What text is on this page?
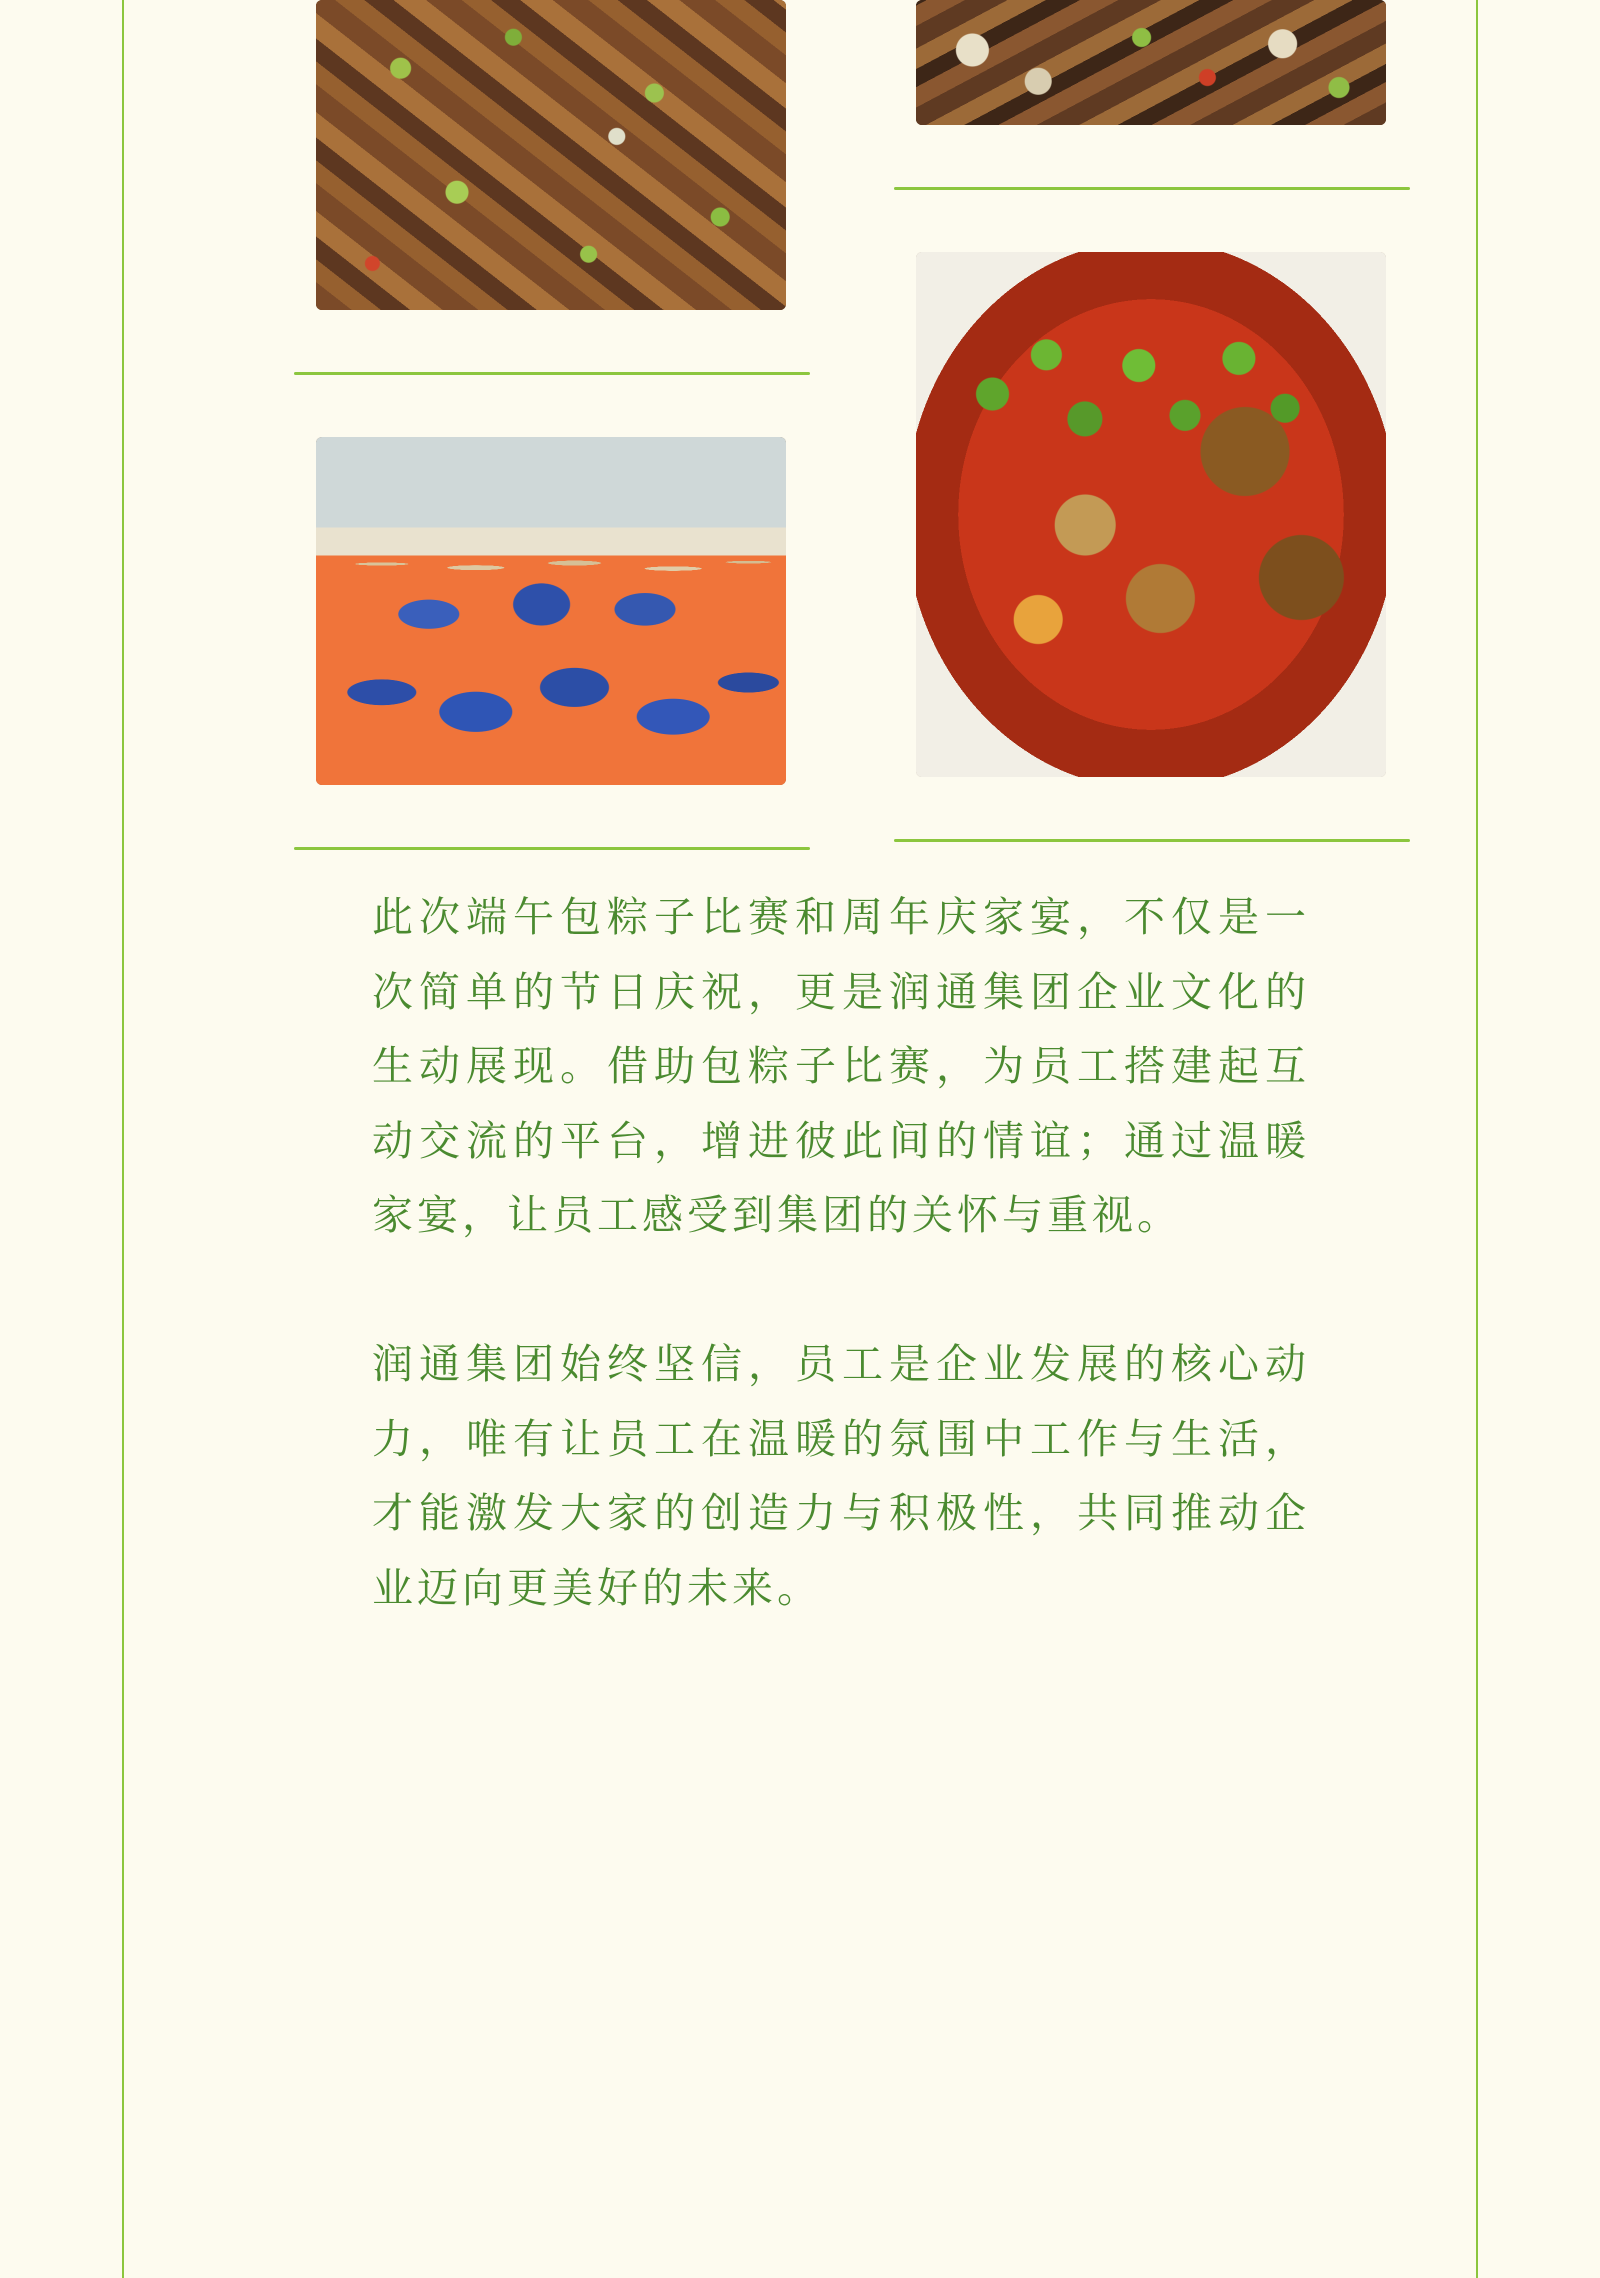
此次端午包粽子比赛和周年庆家宴，不仅是一次简单的节日庆祝，更是润通集团企业文化的生动展现。借助包粽子比赛，为员工搭建起互动交流的平台，增进彼此间的情谊；通过温暖家宴，让员工感受到集团的关怀与重视。

润通集团始终坚信，员工是企业发展的核心动力，唯有让员工在温暖的氛围中工作与生活，才能激发大家的创造力与积极性，共同推动企业迈向更美好的未来。
